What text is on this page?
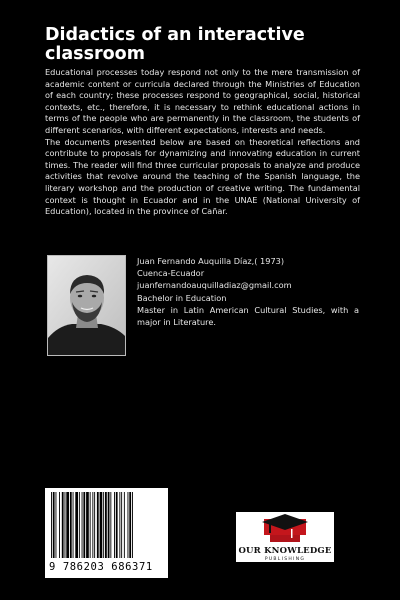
Didactics of an interactive classroom

Educational processes today respond not only to the mere transmission of academic content or curricula declared through the Ministries of Education of each country; these processes respond to geographical, social, historical contexts, etc., therefore, it is necessary to rethink educational actions in terms of the people who are permanently in the classroom, the students of different scenarios, with different expectations, interests and needs.

The documents presented below are based on theoretical reflections and contribute to proposals for dynamizing and innovating education in current times. The reader will find three curricular proposals to analyze and produce activities that revolve around the teaching of the Spanish language, the literary workshop and the production of creative writing. The fundamental context is thought in Ecuador and in the UNAE (National University of Education), located in the province of Cañar.

Juan Fernando Auquilla Díaz,( 1973)
Cuenca-Ecuador
juanfernandoauquilladiaz@gmail.com
Bachelor in Education
Master in Latin American Cultural Studies, with a major in Literature.
9 786203 686371
OUR KNOWLEDGE
PUBLISHING
